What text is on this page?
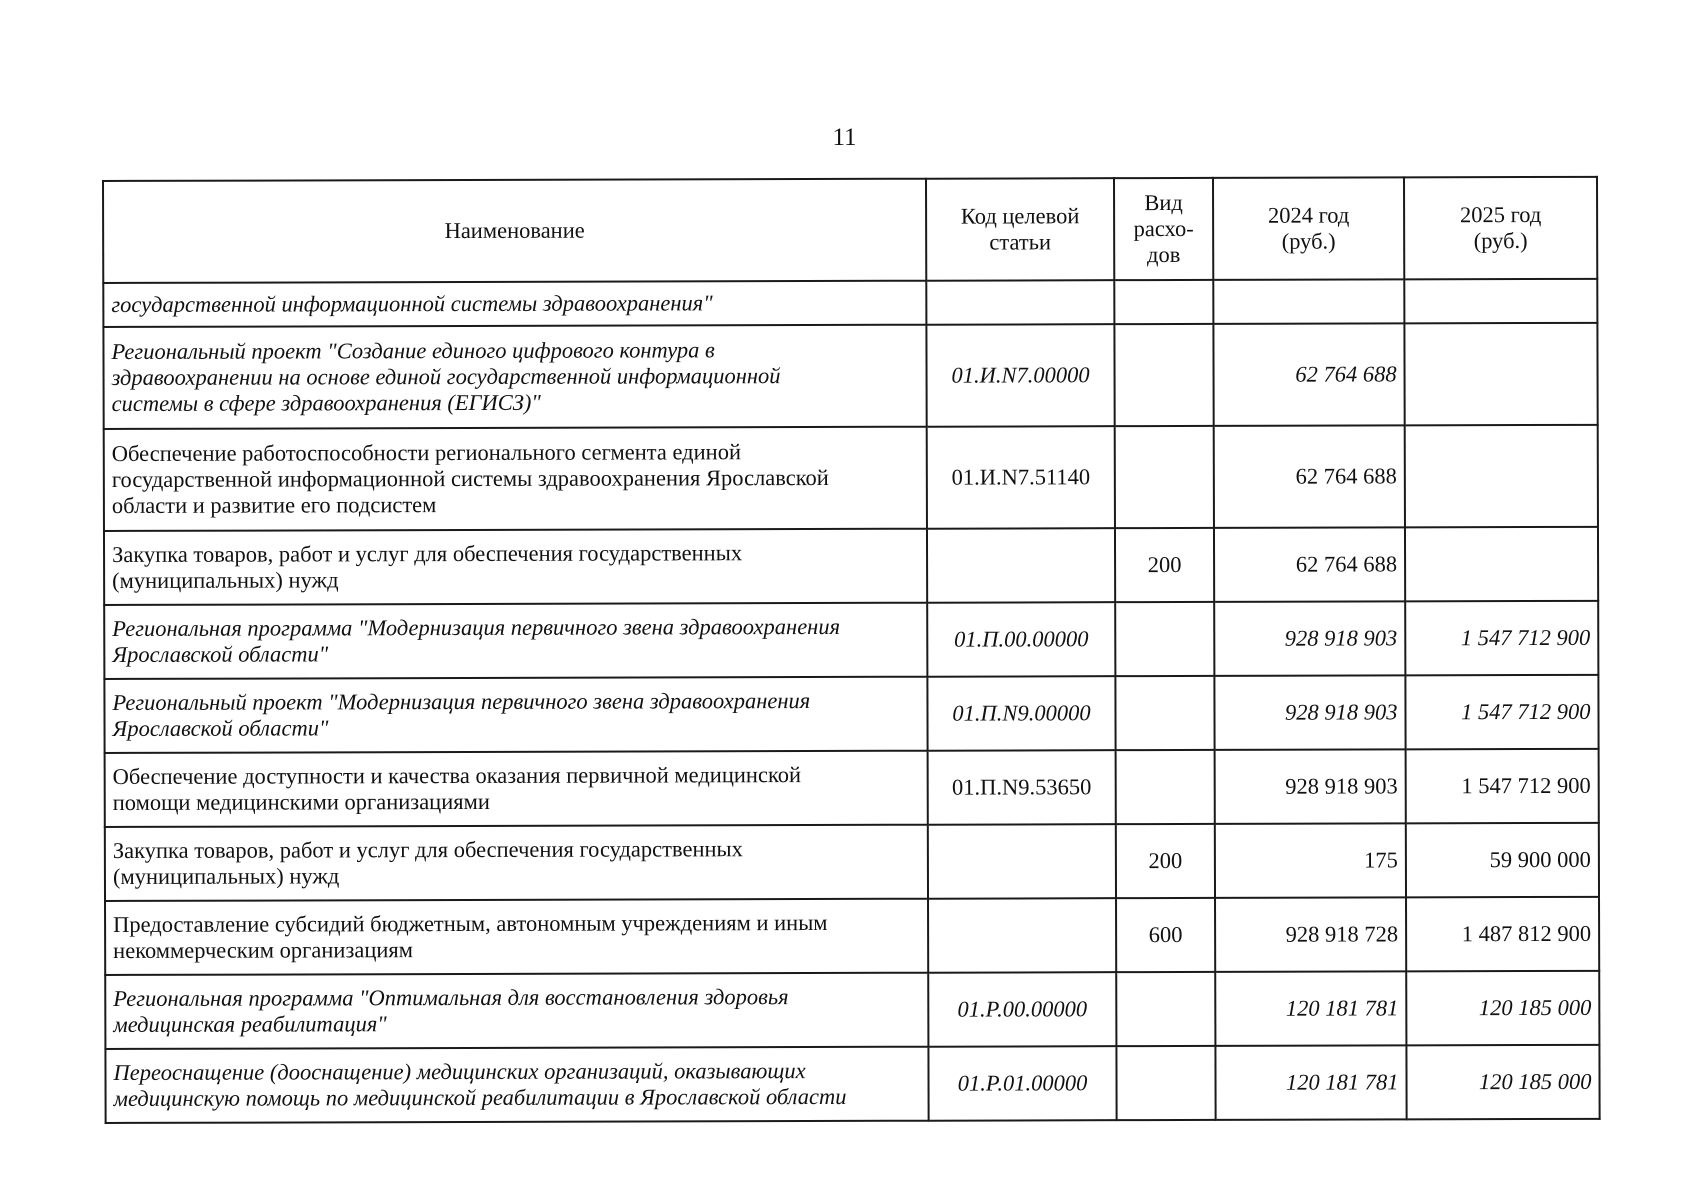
11
Наименование	Код целевой
статьи	Вид
расхо-
дов	2024 год
(руб.)	2025 год
(руб.)
государственной информационной системы здравоохранения"				
Региональный проект "Создание единого цифрового контура в
здравоохранении на основе единой государственной информационной
системы в сфере здравоохранения (ЕГИСЗ)"	01.И.N7.00000		62 764 688	
Обеспечение работоспособности регионального сегмента единой
государственной информационной системы здравоохранения Ярославской
области и развитие его подсистем	01.И.N7.51140		62 764 688	
Закупка товаров, работ и услуг для обеспечения государственных
(муниципальных) нужд		200	62 764 688	
Региональная программа "Модернизация первичного звена здравоохранения
Ярославской области"	01.П.00.00000		928 918 903	1 547 712 900
Региональный проект "Модернизация первичного звена здравоохранения
Ярославской области"	01.П.N9.00000		928 918 903	1 547 712 900
Обеспечение доступности и качества оказания первичной медицинской
помощи медицинскими организациями	01.П.N9.53650		928 918 903	1 547 712 900
Закупка товаров, работ и услуг для обеспечения государственных
(муниципальных) нужд		200	175	59 900 000
Предоставление субсидий бюджетным, автономным учреждениям и иным
некоммерческим организациям		600	928 918 728	1 487 812 900
Региональная программа "Оптимальная для восстановления здоровья
медицинская реабилитация"	01.Р.00.00000		120 181 781	120 185 000
Переоснащение (дооснащение) медицинских организаций, оказывающих
медицинскую помощь по медицинской реабилитации в Ярославской области	01.Р.01.00000		120 181 781	120 185 000
